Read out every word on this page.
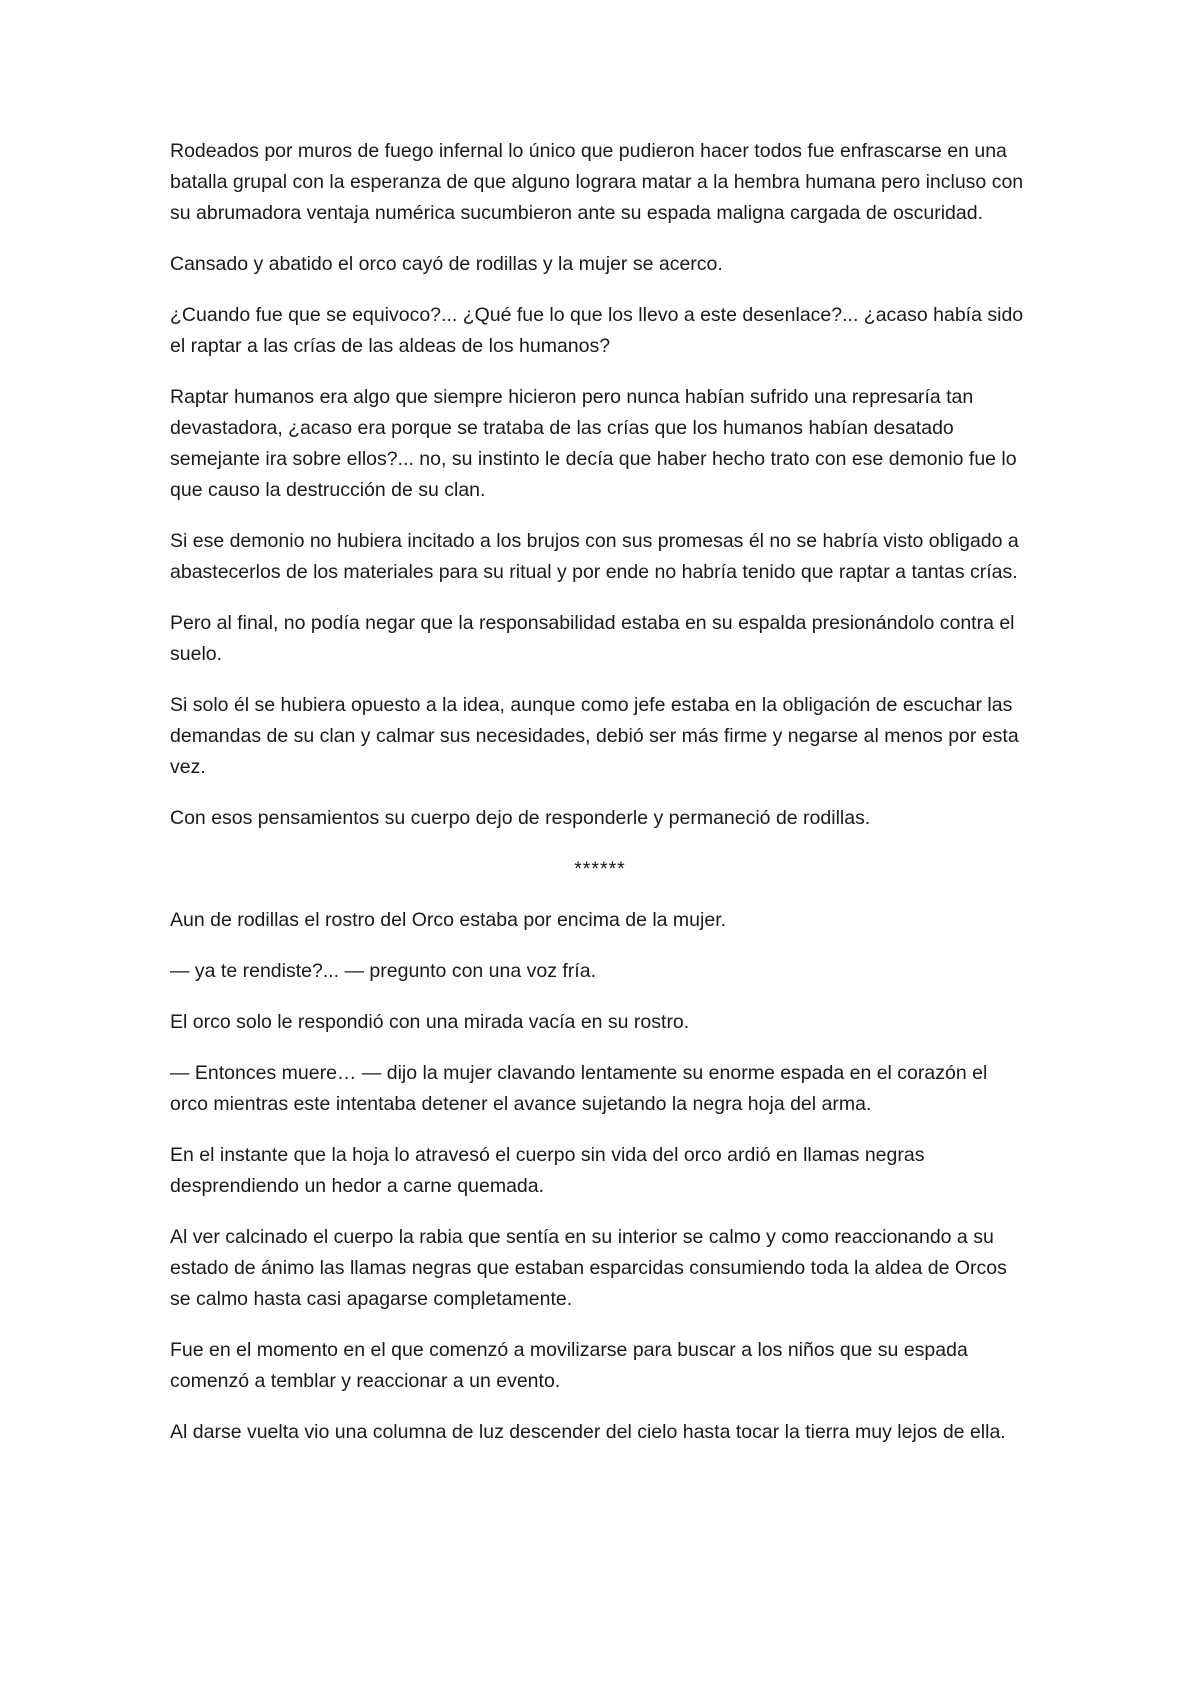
Rodeados por muros de fuego infernal lo único que pudieron hacer todos fue enfrascarse en una batalla grupal con la esperanza de que alguno lograra matar a la hembra humana pero incluso con su abrumadora ventaja numérica sucumbieron ante su espada maligna cargada de oscuridad.

Cansado y abatido el orco cayó de rodillas y la mujer se acerco.

¿Cuando fue que se equivoco?... ¿Qué fue lo que los llevo a este desenlace?... ¿acaso había sido el raptar a las crías de las aldeas de los humanos?

Raptar humanos era algo que siempre hicieron pero nunca habían sufrido una represaría tan devastadora, ¿acaso era porque se trataba de las crías que los humanos habían desatado semejante ira sobre ellos?... no, su instinto le decía que haber hecho trato con ese demonio fue lo que causo la destrucción de su clan.

Si ese demonio no hubiera incitado a los brujos con sus promesas él no se habría visto obligado a abastecerlos de los materiales para su ritual y por ende no habría tenido que raptar a tantas crías.

Pero al final, no podía negar que la responsabilidad estaba en su espalda presionándolo contra el suelo.

Si solo él se hubiera opuesto a la idea, aunque como jefe estaba en la obligación de escuchar las demandas de su clan y calmar sus necesidades, debió ser más firme y negarse al menos por esta vez.

Con esos pensamientos su cuerpo dejo de responderle y permaneció de rodillas.

******

Aun de rodillas el rostro del Orco estaba por encima de la mujer.

— ya te rendiste?... — pregunto con una voz fría.

El orco solo le respondió con una mirada vacía en su rostro.

— Entonces muere… — dijo la mujer clavando lentamente su enorme espada en el corazón el orco mientras este intentaba detener el avance sujetando la negra hoja del arma.

En el instante que la hoja lo atravesó el cuerpo sin vida del orco ardió en llamas negras desprendiendo un hedor a carne quemada.

Al ver calcinado el cuerpo la rabia que sentía en su interior se calmo y como reaccionando a su estado de ánimo las llamas negras que estaban esparcidas consumiendo toda la aldea de Orcos se calmo hasta casi apagarse completamente.

Fue en el momento en el que comenzó a movilizarse para buscar a los niños que su espada comenzó a temblar y reaccionar a un evento.

Al darse vuelta vio una columna de luz descender del cielo hasta tocar la tierra muy lejos de ella.
